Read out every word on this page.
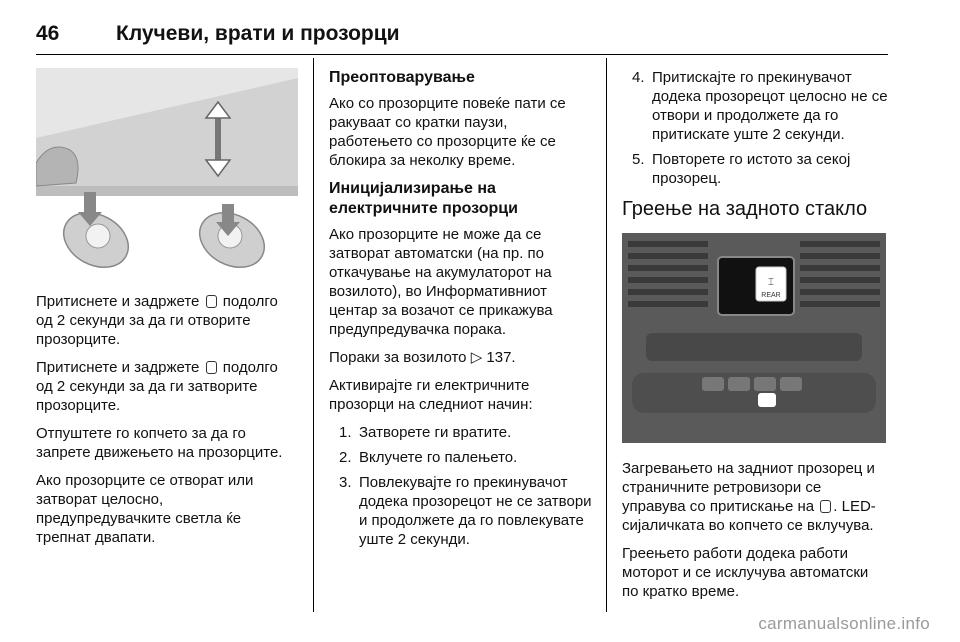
46	Клучеви, врати и прозорци

Притиснете и задржете подолго од 2 секунди за да ги отворите прозорците.

Притиснете и задржете подолго од 2 секунди за да ги затворите прозорците.

Отпуштете го копчето за да го запрете движењето на прозорците.

Ако прозорците се отворат или затворат целосно, предупредувачките светла ќе трепнат двапати.

Преоптоварување

Ако со прозорците повеќе пати се ракуваат со кратки паузи, работењето со прозорците ќе се блокира за неколку време.

Иницијализирање на електричните прозорци

Ако прозорците не може да се затворат автоматски (на пр. по откачување на акумулаторот на возилото), во Информативниот центар за возачот се прикажува предупредувачка порака.

Пораки за возилото ▷ 137.

Активирајте ги електричните прозорци на следниот начин:

1. Затворете ги вратите.
2. Вклучете го палењето.
3. Повлекувајте го прекинувачот додека прозорецот не се затвори и продолжете да го повлекувате уште 2 секунди.
4. Притискајте го прекинувачот додека прозорецот целосно не се отвори и продолжете да го притискате уште 2 секунди.
5. Повторете го истото за секој прозорец.
Греење на задното стакло
⌶
REAR

Загревањето на задниот прозорец и страничните ретровизори се управува со притискање на . LED-сијаличката во копчето се вклучува.

Греењето работи додека работи моторот и се исклучува автоматски по кратко време.

carmanualsonline.info
